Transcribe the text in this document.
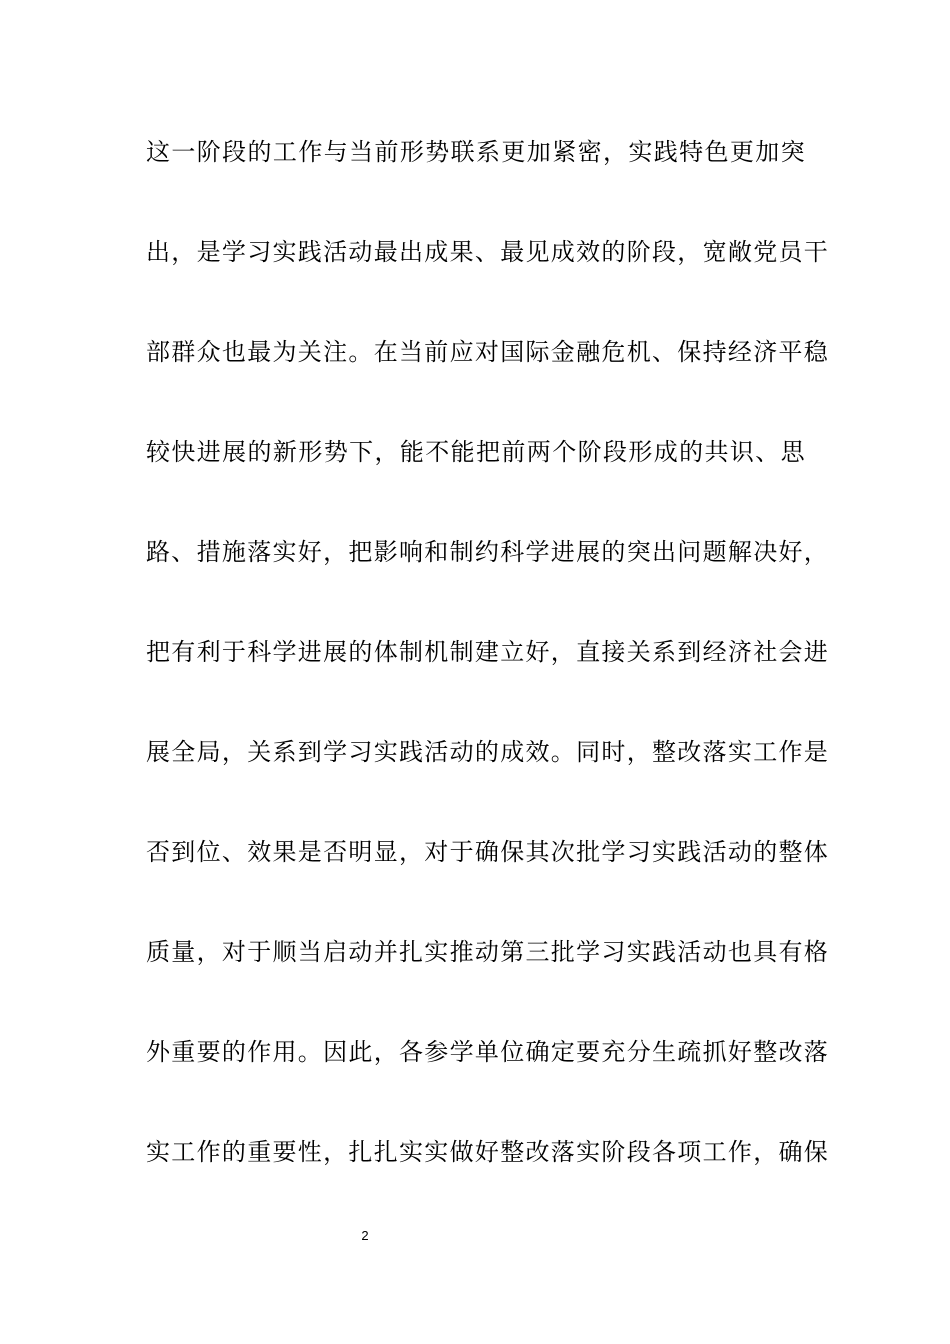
这一阶段的工作与当前形势联系更加紧密，实践特色更加突
出，是学习实践活动最出成果、最见成效的阶段，宽敞党员干
部群众也最为关注。在当前应对国际金融危机、保持经济平稳
较快进展的新形势下，能不能把前两个阶段形成的共识、思
路、措施落实好，把影响和制约科学进展的突出问题解决好，
把有利于科学进展的体制机制建立好，直接关系到经济社会进
展全局，关系到学习实践活动的成效。同时，整改落实工作是
否到位、效果是否明显，对于确保其次批学习实践活动的整体
质量，对于顺当启动并扎实推动第三批学习实践活动也具有格
外重要的作用。因此，各参学单位确定要充分生疏抓好整改落
实工作的重要性，扎扎实实做好整改落实阶段各项工作，确保
2
